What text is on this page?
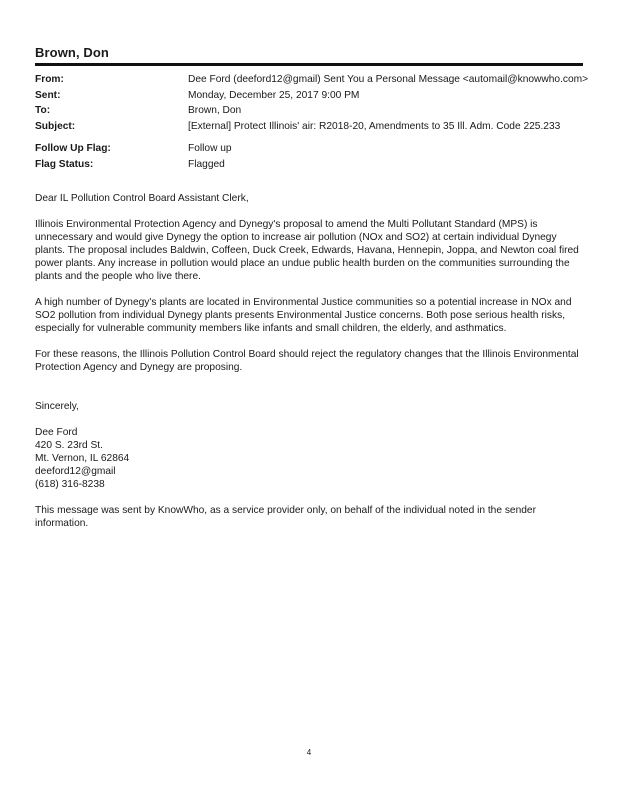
Brown, Don
From:	Dee Ford (deeford12@gmail) Sent You a Personal Message <automail@knowwho.com>
Sent:	Monday, December 25, 2017 9:00 PM
To:	Brown, Don
Subject:	[External] Protect Illinois' air: R2018-20, Amendments to 35 Ill. Adm. Code 225.233
Follow Up Flag:	Follow up
Flag Status:	Flagged

Dear IL Pollution Control Board Assistant Clerk,

Illinois Environmental Protection Agency and Dynegy's proposal to amend the Multi Pollutant Standard (MPS) is unnecessary and would give Dynegy the option to increase air pollution (NOx and SO2) at certain individual Dynegy plants. The proposal includes Baldwin, Coffeen, Duck Creek, Edwards, Havana, Hennepin, Joppa, and Newton coal fired power plants. Any increase in pollution would place an undue public health burden on the communities surrounding the plants and the people who live there.

A high number of Dynegy's plants are located in Environmental Justice communities so a potential increase in NOx and SO2 pollution from individual Dynegy plants presents Environmental Justice concerns. Both pose serious health risks, especially for vulnerable community members like infants and small children, the elderly, and asthmatics.

For these reasons, the Illinois Pollution Control Board should reject the regulatory changes that the Illinois Environmental Protection Agency and Dynegy are proposing.

Sincerely,

Dee Ford
420 S. 23rd St.
Mt. Vernon, IL 62864
deeford12@gmail
(618) 316-8238

This message was sent by KnowWho, as a service provider only, on behalf of the individual noted in the sender information.

4
